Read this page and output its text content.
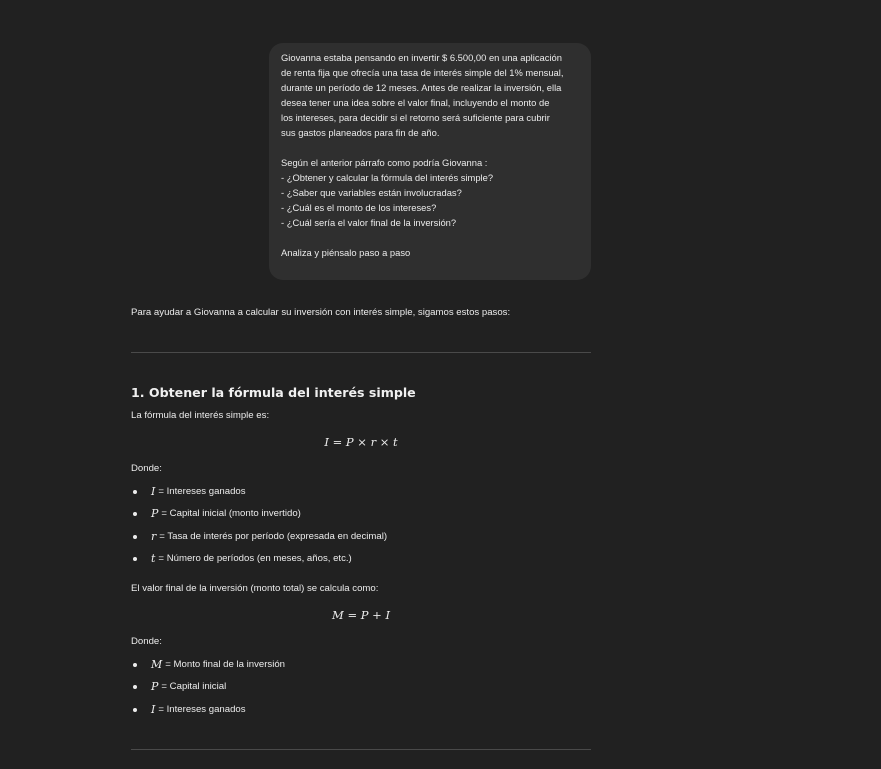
Giovanna estaba pensando en invertir $ 6.500,00 en una aplicación

de renta fija que ofrecía una tasa de interés simple del 1% mensual,

durante un período de 12 meses. Antes de realizar la inversión, ella

desea tener una idea sobre el valor final, incluyendo el monto de

los intereses, para decidir si el retorno será suficiente para cubrir

sus gastos planeados para fin de año.

Según el anterior párrafo como podría Giovanna :

- ¿Obtener y calcular la fórmula del interés simple?

- ¿Saber que variables están involucradas?

- ¿Cuál es el monto de los intereses?

- ¿Cuál sería el valor final de la inversión?

Analiza y piénsalo paso a paso

Para ayudar a Giovanna a calcular su inversión con interés simple, sigamos estos pasos:
1. Obtener la fórmula del interés simple
La fórmula del interés simple es:
I = P × r × t
Donde:
I = Intereses ganados
P = Capital inicial (monto invertido)
r = Tasa de interés por período (expresada en decimal)
t = Número de períodos (en meses, años, etc.)
El valor final de la inversión (monto total) se calcula como:
M = P + I
Donde:
M = Monto final de la inversión
P = Capital inicial
I = Intereses ganados
